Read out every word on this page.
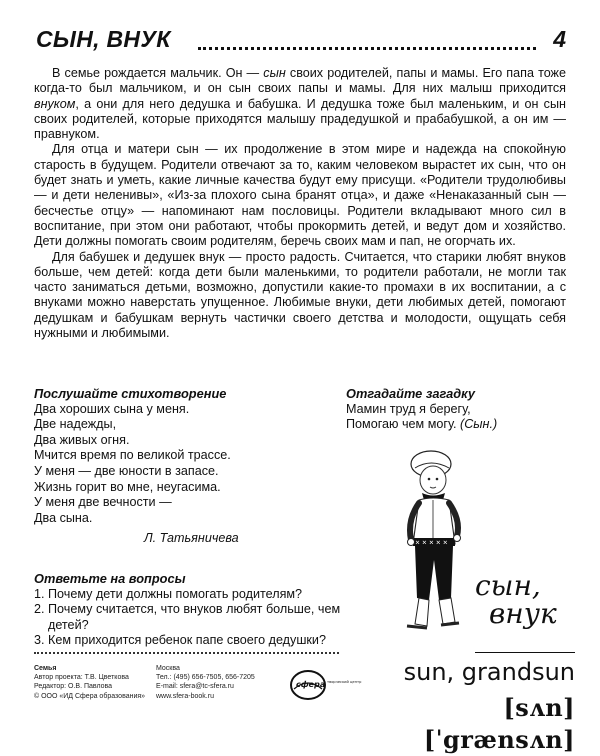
СЫН, ВНУК	4

В семье рождается мальчик. Он — сын своих родителей, папы и мамы. Его папа тоже когда-то был мальчиком, и он сын своих папы и мамы. Для них малыш приходится внуком, а они для него дедушка и бабушка. И дедушка тоже был маленьким, и он сын своих родителей, которые приходятся малышу прадедушкой и прабабушкой, а он им — правнуком.

Для отца и матери сын — их продолжение в этом мире и надежда на спокойную старость в будущем. Родители отвечают за то, каким человеком вырастет их сын, что он будет знать и уметь, какие личные качества будут ему присущи. «Родители трудолюбивы — и дети неленивы», «Из-за плохого сына бранят отца», и даже «Ненаказанный сын — бесчестье отцу» — напоминают нам пословицы. Родители вкладывают много сил в воспитание, при этом они работают, чтобы прокормить детей, и ведут дом и хозяйство. Дети должны помогать своим родителям, беречь своих мам и пап, не огорчать их.

Для бабушек и дедушек внук — просто радость. Считается, что старики любят внуков больше, чем детей: когда дети были маленькими, то родители работали, не могли так часто заниматься детьми, возможно, допустили какие-то промахи в их воспитании, а с внуками можно наверстать упущенное. Любимые внуки, дети любимых детей, помогают дедушкам и бабушкам вернуть частички своего детства и молодости, ощущать себя нужными и любимыми.

Послушайте стихотворение
Два хороших сына у меня.
Две надежды,
Два живых огня.
Мчится время по великой трассе.
У меня — две юности в запасе.
Жизнь горит во мне, неугасима.
У меня две вечности —
Два сына.
Л. Татьяничева
Отгадайте загадку
Мамин труд я берегу,
Помогаю чем могу. (Сын.)
Ответьте на вопросы
1. Почему дети должны помогать родителям?
2. Почему считается, что внуков любят больше, чем детей?
3. Кем приходится ребенок папе своего дедушки?
✕ ✕ ✕ ✕ ✕
сын,
внук
sun, grandsun
[sʌn] [ˈgrænsʌn]
Семья
Автор проекта: Т.В. Цветкова
Редактор: О.В. Павлова
© ООО «ИД Сфера образования»
Москва
Тел.: (495) 656-7505, 656-7205
E-mail: sfera@tc-sfera.ru
www.sfera-book.ru
сфера творческий центр
